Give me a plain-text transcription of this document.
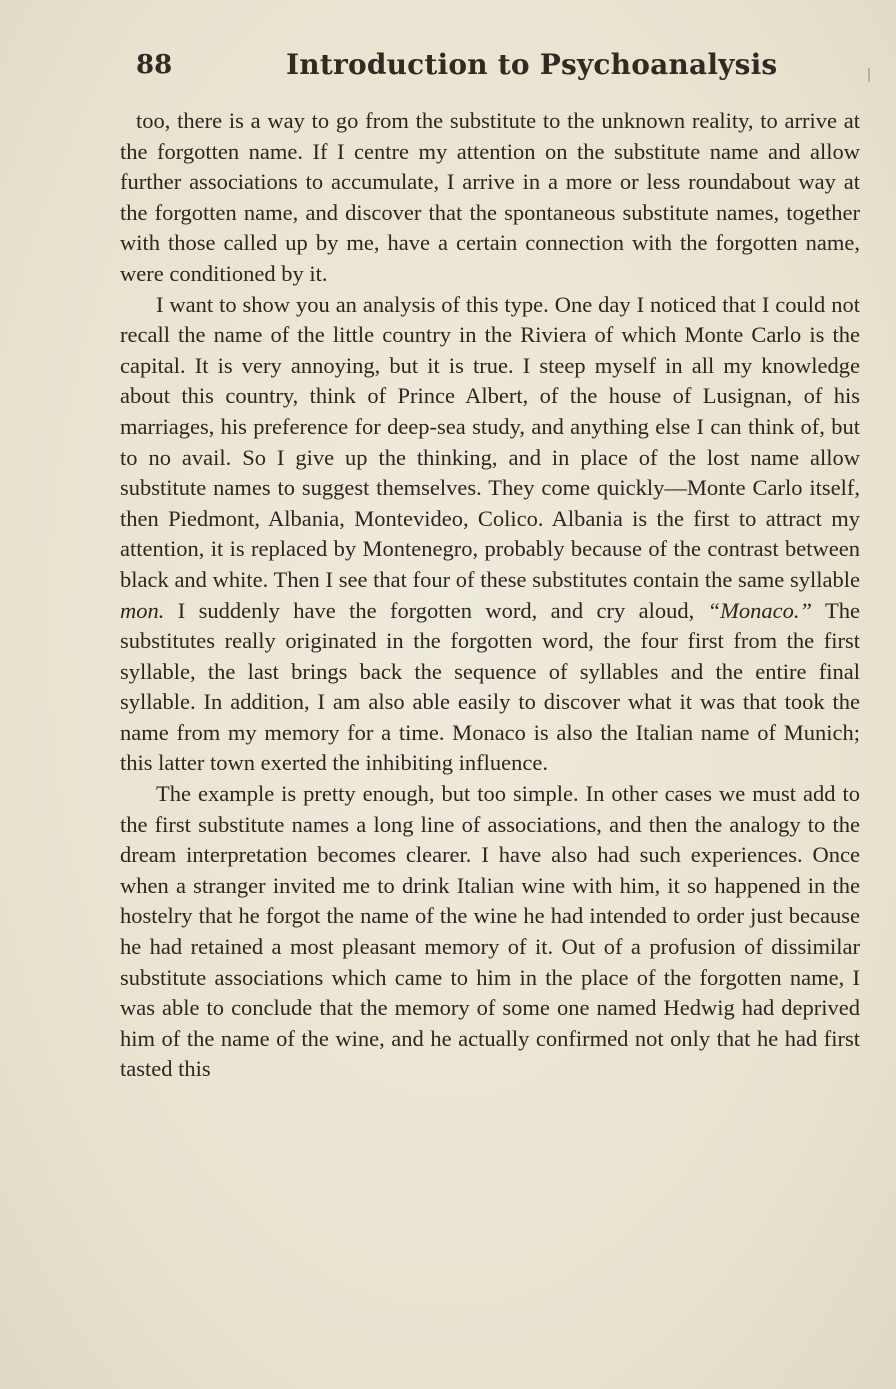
88	Introduction to Psychoanalysis

too, there is a way to go from the substitute to the unknown reality, to arrive at the forgotten name. If I centre my attention on the substitute name and allow further associations to accumulate, I arrive in a more or less roundabout way at the forgotten name, and discover that the spontaneous substitute names, together with those called up by me, have a certain connection with the forgotten name, were conditioned by it.

I want to show you an analysis of this type. One day I noticed that I could not recall the name of the little country in the Riviera of which Monte Carlo is the capital. It is very annoying, but it is true. I steep myself in all my knowledge about this country, think of Prince Albert, of the house of Lusignan, of his marriages, his preference for deep-sea study, and anything else I can think of, but to no avail. So I give up the thinking, and in place of the lost name allow substitute names to suggest themselves. They come quickly—Monte Carlo itself, then Piedmont, Albania, Montevideo, Colico. Albania is the first to attract my attention, it is replaced by Montenegro, probably because of the contrast between black and white. Then I see that four of these substitutes contain the same syllable mon. I suddenly have the forgotten word, and cry aloud, “Monaco.” The substitutes really originated in the forgotten word, the four first from the first syllable, the last brings back the sequence of syllables and the entire final syllable. In addition, I am also able easily to discover what it was that took the name from my memory for a time. Monaco is also the Italian name of Munich; this latter town exerted the inhibiting influence.

The example is pretty enough, but too simple. In other cases we must add to the first substitute names a long line of associations, and then the analogy to the dream interpretation becomes clearer. I have also had such experiences. Once when a stranger invited me to drink Italian wine with him, it so happened in the hostelry that he forgot the name of the wine he had intended to order just because he had retained a most pleasant memory of it. Out of a profusion of dissimilar substitute associations which came to him in the place of the forgotten name, I was able to conclude that the memory of some one named Hedwig had deprived him of the name of the wine, and he actually confirmed not only that he had first tasted this
